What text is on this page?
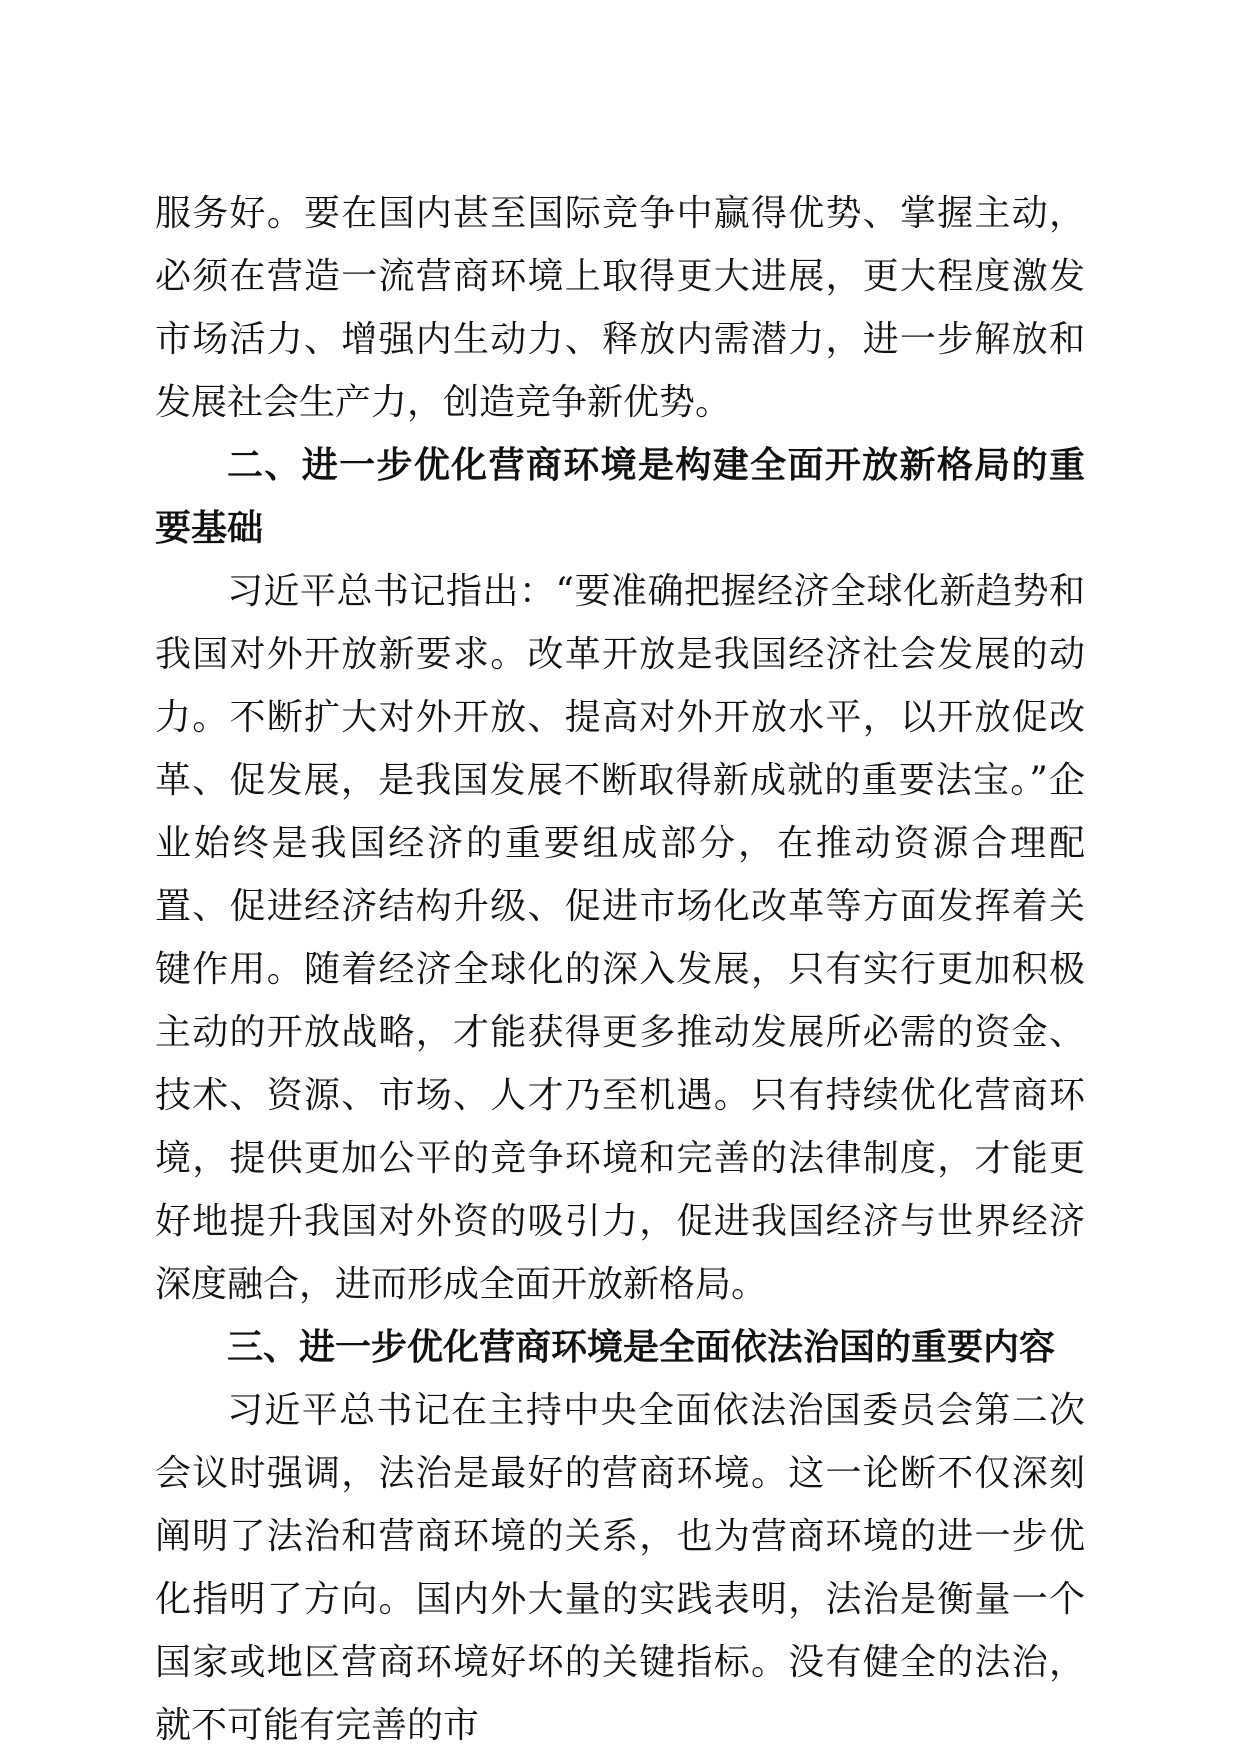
服务好。要在国内甚至国际竞争中赢得优势、掌握主动，必须在营造一流营商环境上取得更大进展，更大程度激发市场活力、增强内生动力、释放内需潜力，进一步解放和发展社会生产力，创造竞争新优势。

二、进一步优化营商环境是构建全面开放新格局的重要基础

习近平总书记指出：“要准确把握经济全球化新趋势和我国对外开放新要求。改革开放是我国经济社会发展的动力。不断扩大对外开放、提高对外开放水平，以开放促改革、促发展，是我国发展不断取得新成就的重要法宝。”企业始终是我国经济的重要组成部分，在推动资源合理配置、促进经济结构升级、促进市场化改革等方面发挥着关键作用。随着经济全球化的深入发展，只有实行更加积极主动的开放战略，才能获得更多推动发展所必需的资金、技术、资源、市场、人才乃至机遇。只有持续优化营商环境，提供更加公平的竞争环境和完善的法律制度，才能更好地提升我国对外资的吸引力，促进我国经济与世界经济深度融合，进而形成全面开放新格局。

三、进一步优化营商环境是全面依法治国的重要内容

习近平总书记在主持中央全面依法治国委员会第二次会议时强调，法治是最好的营商环境。这一论断不仅深刻阐明了法治和营商环境的关系，也为营商环境的进一步优化指明了方向。国内外大量的实践表明，法治是衡量一个国家或地区营商环境好坏的关键指标。没有健全的法治，就不可能有完善的市
